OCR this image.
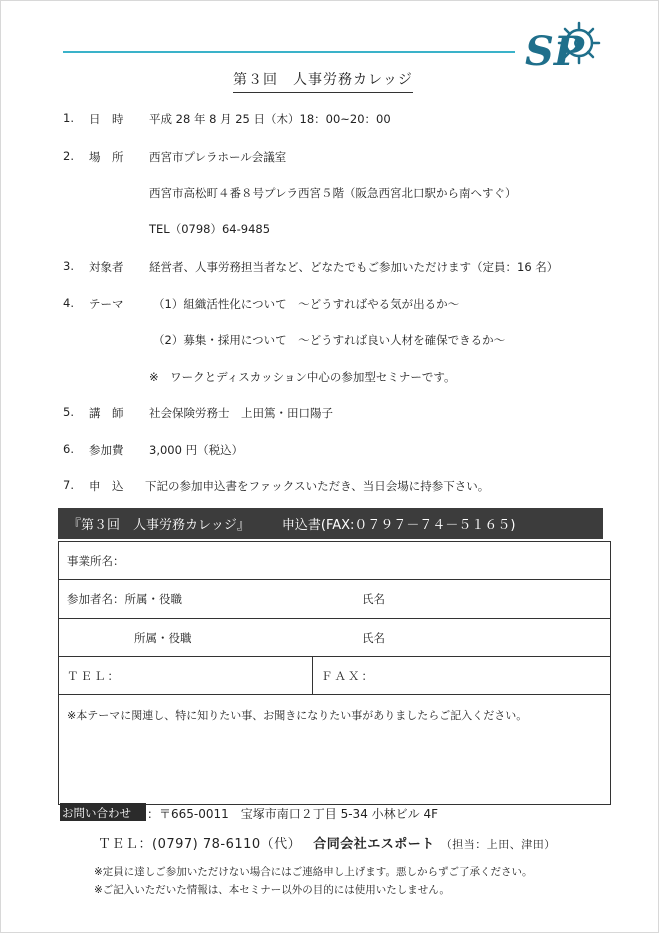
SP
第３回　人事労務カレッジ
1. 日　時 平成 28 年 8 月 25 日（木）18：00~20：00
2. 場　所 西宮市プレラホール会議室
西宮市高松町４番８号プレラ西宮５階（阪急西宮北口駅から南へすぐ）
TEL（0798）64-9485
3. 対象者 経営者、人事労務担当者など、どなたでもご参加いただけます（定員：16 名）
4. テーマ	（1）組織活性化について　～どうすればやる気が出るか～
（2）募集・採用について　～どうすれば良い人材を確保できるか～
※　ワークとディスカッション中心の参加型セミナーです。
5. 講　師 社会保険労務士　上田篤・田口陽子
6. 参加費 3,000 円（税込）
7. 申　込 下記の参加申込書をファックスいただき、当日会場に持参下さい。
『第３回　人事労務カレッジ』 申込書(FAX:０７９７－７４－５１６５)
事業所名：
参加者名：所属・役職	氏名
所属・役職	氏名
ＴＥＬ：	ＦＡＸ：
※本テーマに関連し、特に知りたい事、お聞きになりたい事がありましたらご記入ください。
お問い合わせ	：〒665-0011　宝塚市南口２丁目 5-34 小林ビル 4F
ＴＥＬ：(0797) 78-6110（代） 合同会社エスポート （担当：上田、津田）
※定員に達しご参加いただけない場合にはご連絡申し上げます。悪しからずご了承ください。
※ご記入いただいた情報は、本セミナー以外の目的には使用いたしません。
